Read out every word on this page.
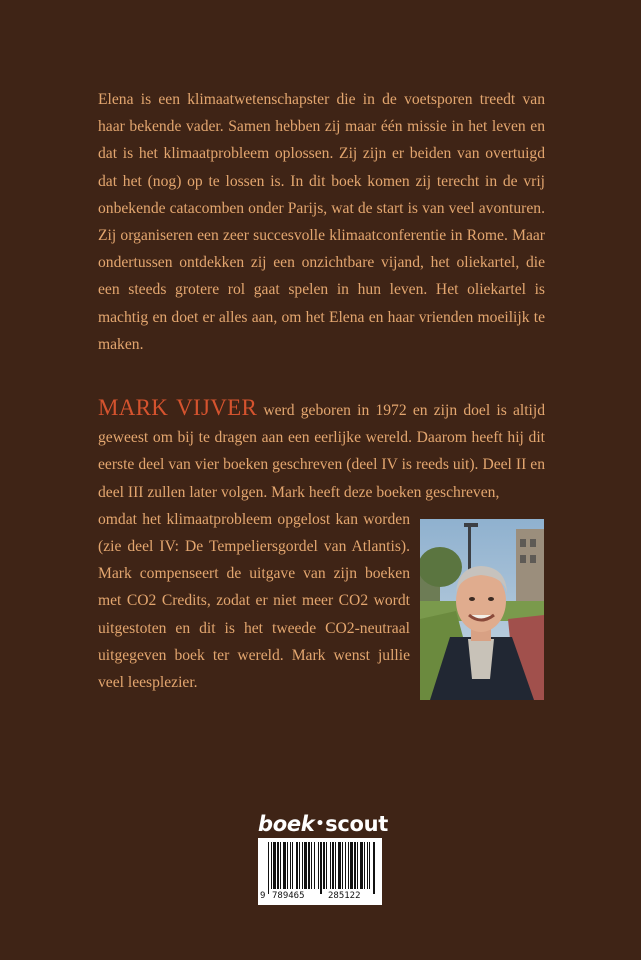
Elena is een klimaatwetenschapster die in de voetsporen treedt van haar bekende vader. Samen hebben zij maar één missie in het leven en dat is het klimaatprobleem oplossen. Zij zijn er beiden van overtuigd dat het (nog) op te lossen is. In dit boek komen zij terecht in de vrij onbekende catacomben onder Parijs, wat de start is van veel avonturen. Zij organiseren een zeer succesvolle klimaatconferentie in Rome. Maar ondertussen ontdekken zij een onzichtbare vijand, het oliekartel, die een steeds grotere rol gaat spelen in hun leven. Het oliekartel is machtig en doet er alles aan, om het Elena en haar vrienden moeilijk te maken.

MARK VIJVER werd geboren in 1972 en zijn doel is altijd geweest om bij te dragen aan een eerlijke wereld. Daarom heeft hij dit eerste deel van vier boeken geschreven (deel IV is reeds uit). Deel II en deel III zullen later volgen. Mark heeft deze boeken geschreven,

omdat het klimaatprobleem opgelost kan worden (zie deel IV: De Tempeliersgordel van Atlantis). Mark compenseert de uitgave van zijn boeken met CO2 Credits, zodat er niet meer CO2 wordt uitgestoten en dit is het tweede CO2-neutraal uitgegeven boek ter wereld. Mark wenst jullie veel leesplezier.

boek•scout
9 789465	285122
